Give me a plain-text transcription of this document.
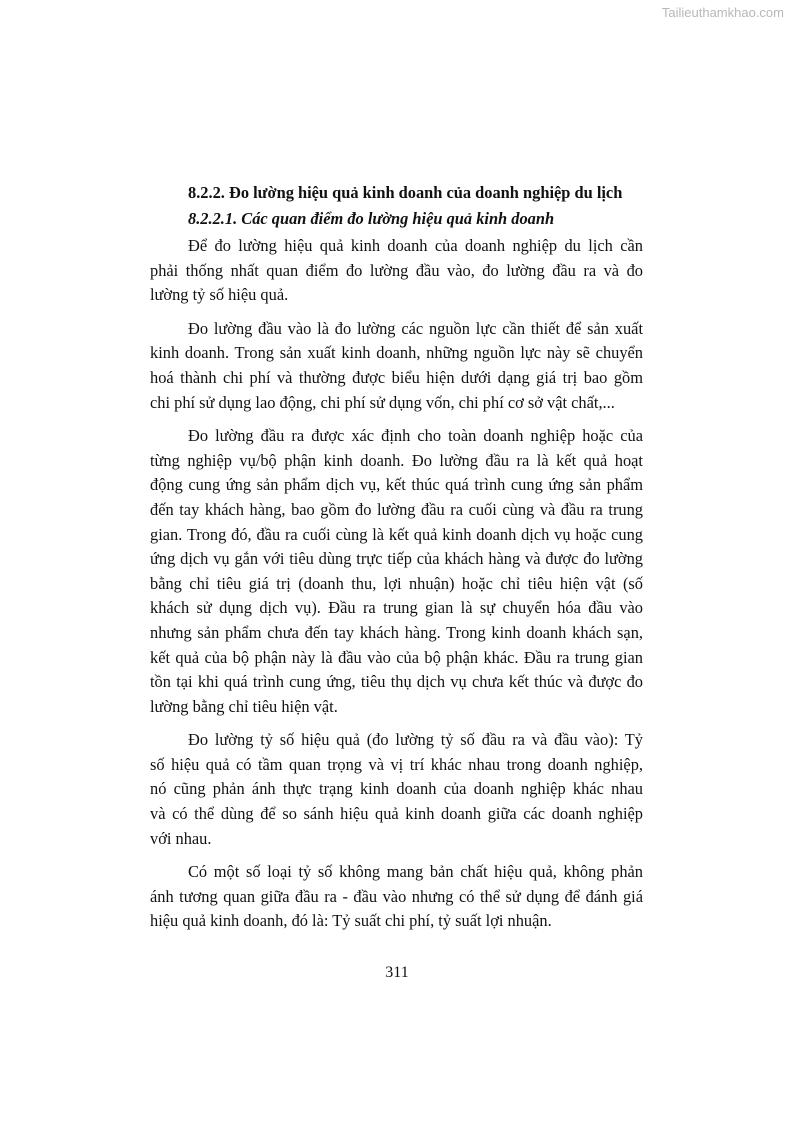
Tailieuthamkhao.com
8.2.2. Đo lường hiệu quả kinh doanh của doanh nghiệp du lịch
8.2.2.1. Các quan điểm đo lường hiệu quả kinh doanh
Để đo lường hiệu quả kinh doanh của doanh nghiệp du lịch cần
phải thống nhất quan điểm đo lường đầu vào, đo lường đầu ra và đo
lường tỷ số hiệu quả.
Đo lường đầu vào là đo lường các nguồn lực cần thiết để sản xuất
kinh doanh. Trong sản xuất kinh doanh, những nguồn lực này sẽ chuyển
hoá thành chi phí và thường được biểu hiện dưới dạng giá trị bao gồm
chi phí sử dụng lao động, chi phí sử dụng vốn, chi phí cơ sở vật chất,...
Đo lường đầu ra được xác định cho toàn doanh nghiệp hoặc của
từng nghiệp vụ/bộ phận kinh doanh. Đo lường đầu ra là kết quả hoạt
động cung ứng sản phẩm dịch vụ, kết thúc quá trình cung ứng sản phẩm
đến tay khách hàng, bao gồm đo lường đầu ra cuối cùng và đầu ra trung
gian. Trong đó, đầu ra cuối cùng là kết quả kinh doanh dịch vụ hoặc cung
ứng dịch vụ gắn với tiêu dùng trực tiếp của khách hàng và được đo lường
bằng chỉ tiêu giá trị (doanh thu, lợi nhuận) hoặc chỉ tiêu hiện vật (số
khách sử dụng dịch vụ). Đầu ra trung gian là sự chuyển hóa đầu vào
nhưng sản phẩm chưa đến tay khách hàng. Trong kinh doanh khách sạn,
kết quả của bộ phận này là đầu vào của bộ phận khác. Đầu ra trung gian
tồn tại khi quá trình cung ứng, tiêu thụ dịch vụ chưa kết thúc và được đo
lường bằng chỉ tiêu hiện vật.
Đo lường tỷ số hiệu quả (đo lường tỷ số đầu ra và đầu vào): Tỷ
số hiệu quả có tầm quan trọng và vị trí khác nhau trong doanh nghiệp,
nó cũng phản ánh thực trạng kinh doanh của doanh nghiệp khác nhau
và có thể dùng để so sánh hiệu quả kinh doanh giữa các doanh nghiệp
với nhau.
Có một số loại tỷ số không mang bản chất hiệu quả, không phản
ánh tương quan giữa đầu ra - đầu vào nhưng có thể sử dụng để đánh giá
hiệu quả kinh doanh, đó là: Tỷ suất chi phí, tỷ suất lợi nhuận.
311
